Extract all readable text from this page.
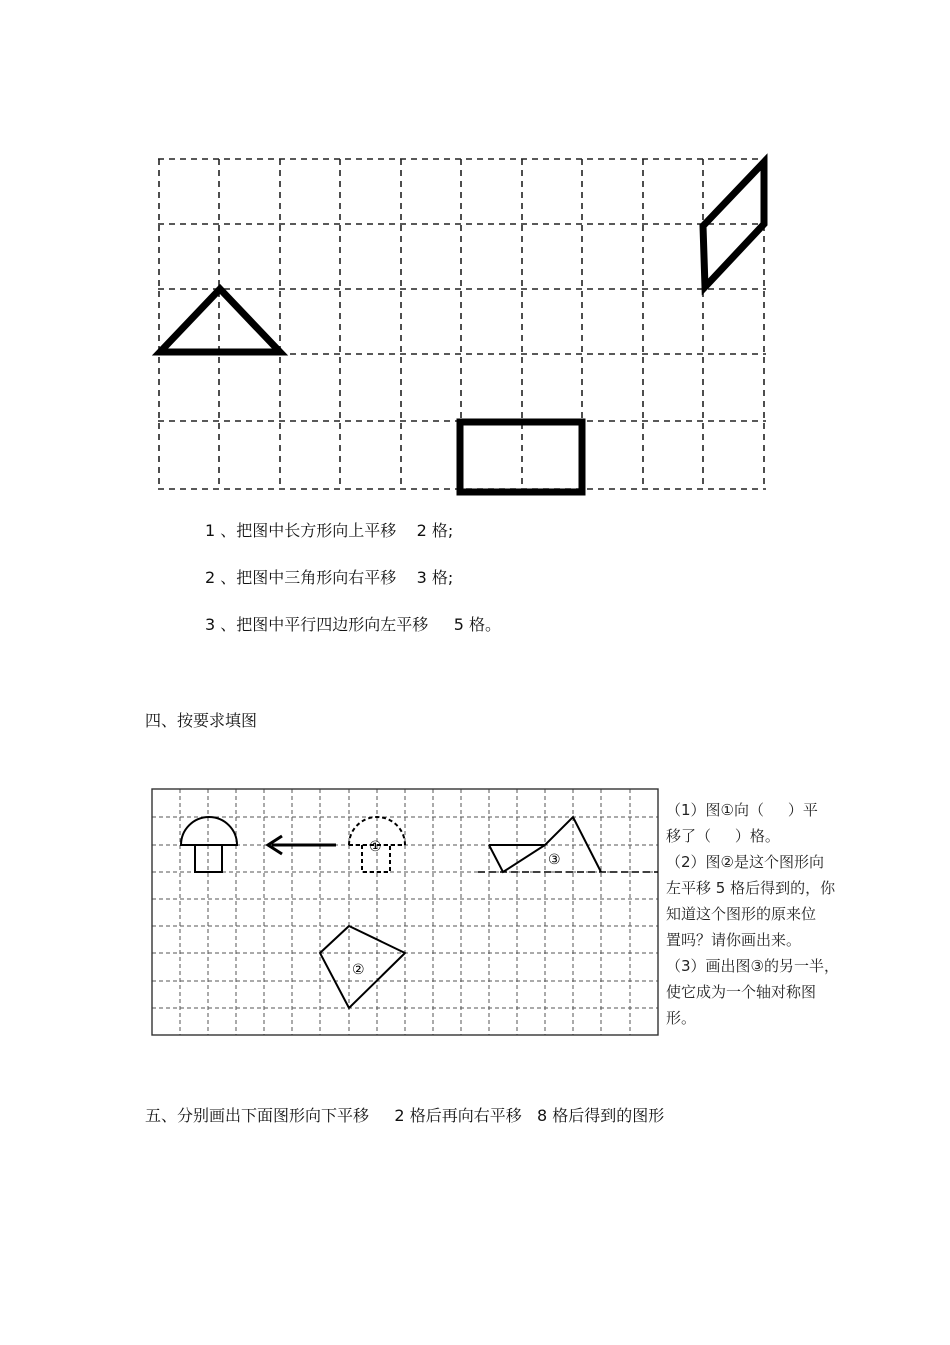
1 、把图中长方形向上平移    2 格;
2 、把图中三角形向右平移    3 格;
3 、把图中平行四边形向左平移     5 格。
四、按要求填图
①
③
②

（1）图①向（     ）平

移了（     ）格。

（2）图②是这个图形向

左平移 5 格后得到的，你

知道这个图形的原来位

置吗？请你画出来。

（3）画出图③的另一半，

使它成为一个轴对称图

形。

五、分别画出下面图形向下平移     2 格后再向右平移   8 格后得到的图形
